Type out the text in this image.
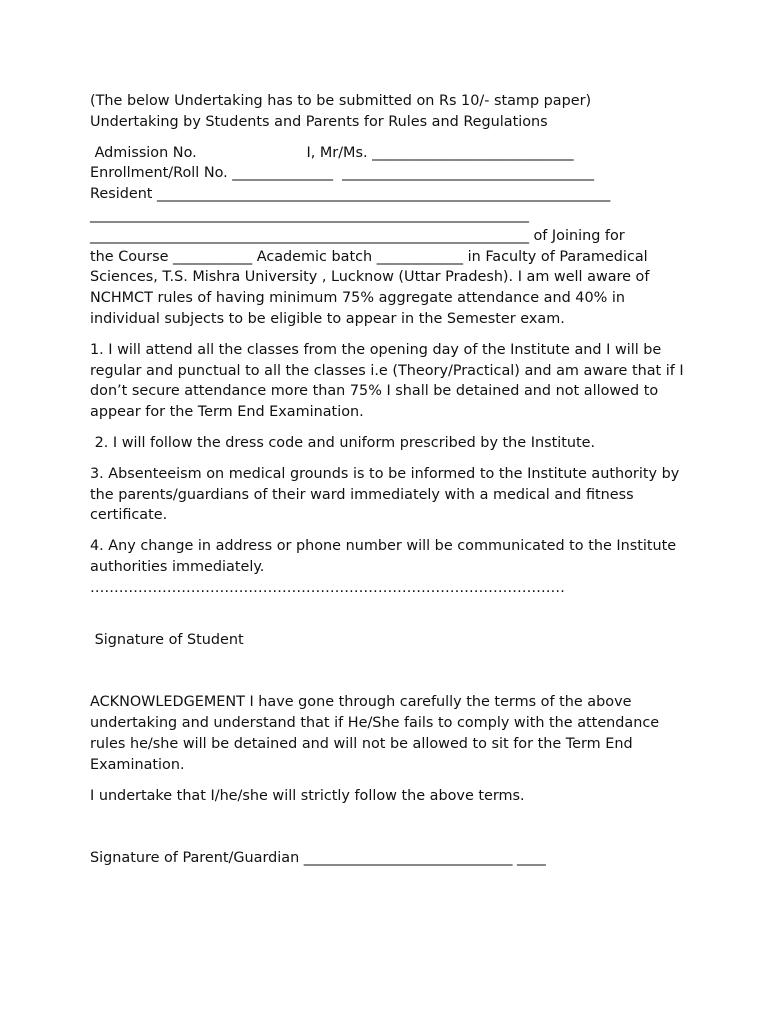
(The below Undertaking has to be submitted on Rs 10/- stamp paper)
Undertaking by Students and Parents for Rules and Regulations
Admission No.                        I, Mr/Ms. ____________________________
Enrollment/Roll No. ______________  ___________________________________
Resident _______________________________________________________________
_____________________________________________________________
_____________________________________________________________ of Joining for
the Course ___________ Academic batch ____________ in Faculty of Paramedical Sciences, T.S. Mishra University , Lucknow (Uttar Pradesh). I am well aware of NCHMCT rules of having minimum 75% aggregate attendance and 40% in individual subjects to be eligible to appear in the Semester exam.
1. I will attend all the classes from the opening day of the Institute and I will be regular and punctual to all the classes i.e (Theory/Practical) and am aware that if I don’t secure attendance more than 75% I shall be detained and not allowed to appear for the Term End Examination.
2. I will follow the dress code and uniform prescribed by the Institute.
3. Absenteeism on medical grounds is to be informed to the Institute authority by the parents/guardians of their ward immediately with a medical and fitness certificate.
4. Any change in address or phone number will be communicated to the Institute authorities immediately.
………………………………………………………………………………………
Signature of Student
ACKNOWLEDGEMENT I have gone through carefully the terms of the above undertaking and understand that if He/She fails to comply with the attendance rules he/she will be detained and will not be allowed to sit for the Term End Examination.
I undertake that I/he/she will strictly follow the above terms.
Signature of Parent/Guardian _____________________________ ____
